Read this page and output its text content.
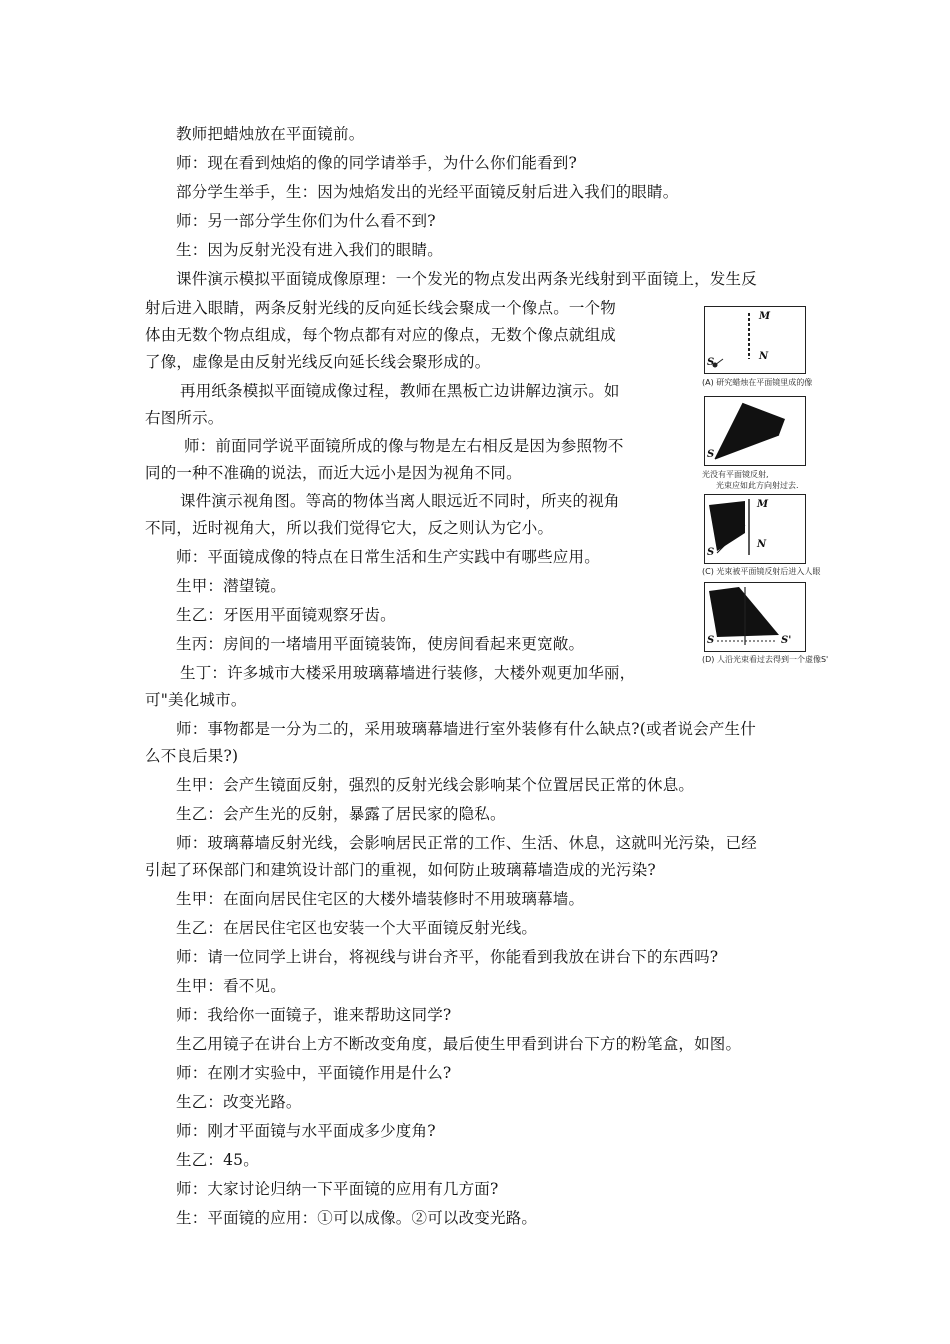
教师把蜡烛放在平面镜前。
师：现在看到烛焰的像的同学请举手，为什么你们能看到?
部分学生举手，生：因为烛焰发出的光经平面镜反射后进入我们的眼睛。
师：另一部分学生你们为什么看不到?
生：因为反射光没有进入我们的眼睛。
课件演示模拟平面镜成像原理：一个发光的物点发出两条光线射到平面镜上，发生反
射后进入眼睛，两条反射光线的反向延长线会聚成一个像点。一个物
体由无数个物点组成，每个物点都有对应的像点，无数个像点就组成
了像，虚像是由反射光线反向延长线会聚形成的。
再用纸条模拟平面镜成像过程，教师在黑板亡边讲解边演示。如
右图所示。
师：前面同学说平面镜所成的像与物是左右相反是因为参照物不
同的一种不准确的说法，而近大远小是因为视角不同。
课件演示视角图。等高的物体当离人眼远近不同时，所夹的视角
不同，近时视角大，所以我们觉得它大，反之则认为它小。
师：平面镜成像的特点在日常生活和生产实践中有哪些应用。
生甲：潜望镜。
生乙：牙医用平面镜观察牙齿。
生丙：房间的一堵墙用平面镜装饰，使房间看起来更宽敞。
生丁：许多城市大楼采用玻璃幕墙进行装修，大楼外观更加华丽，
可"美化城市。
师：事物都是一分为二的，采用玻璃幕墙进行室外装修有什么缺点?(或者说会产生什
么不良后果?)
生甲：会产生镜面反射，强烈的反射光线会影响某个位置居民正常的休息。
生乙：会产生光的反射，暴露了居民家的隐私。
师：玻璃幕墙反射光线，会影响居民正常的工作、生活、休息，这就叫光污染，已经
引起了环保部门和建筑设计部门的重视，如何防止玻璃幕墙造成的光污染?
生甲：在面向居民住宅区的大楼外墙装修时不用玻璃幕墙。
生乙：在居民住宅区也安装一个大平面镜反射光线。
师：请一位同学上讲台，将视线与讲台齐平，你能看到我放在讲台下的东西吗?
生甲：看不见。
师：我给你一面镜子，谁来帮助这同学?
生乙用镜子在讲台上方不断改变角度，最后使生甲看到讲台下方的粉笔盒，如图。
师：在刚才实验中，平面镜作用是什么?
生乙：改变光路。
师：刚才平面镜与水平面成多少度角?
生乙：45。
师：大家讨论归纳一下平面镜的应用有几方面?
生：平面镜的应用：①可以成像。②可以改变光路。
M
N
S
(A) 研究蜡烛在平面镜里成的像
S
光没有平面镜反射,
光束应如此方向射过去.
M
N
S
(C) 光束被平面镜反射后进入人眼
S	S'
(D) 人沿光束看过去得到一个虚像S'
